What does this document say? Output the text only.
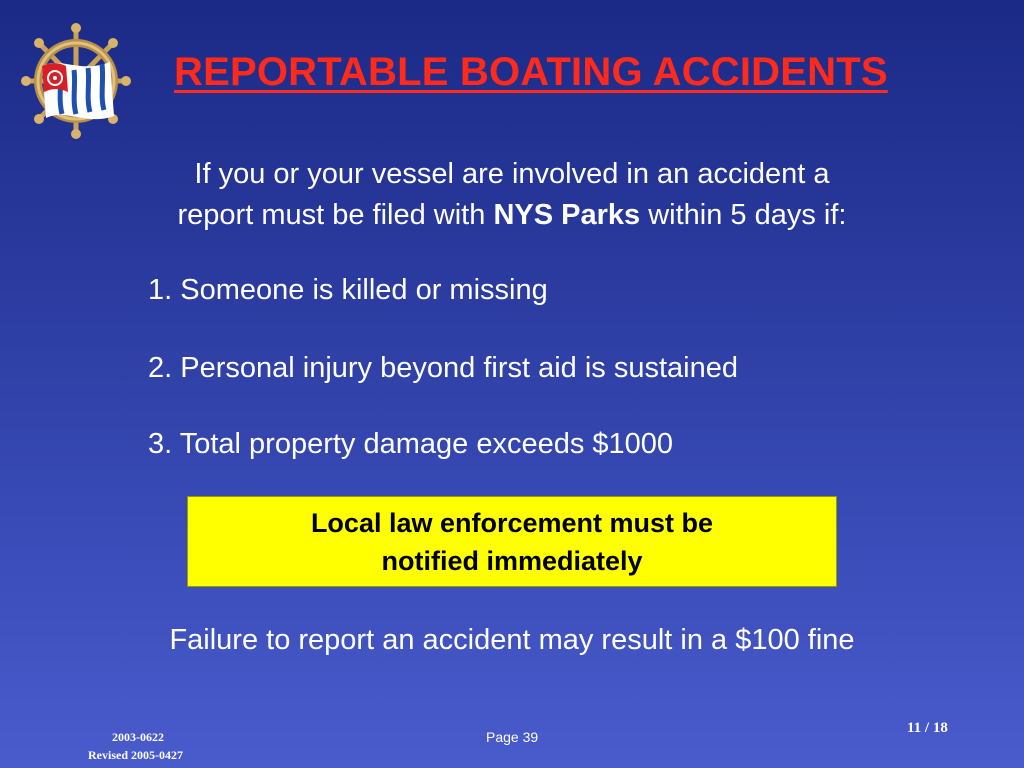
REPORTABLE BOATING ACCIDENTS
If you or your vessel are involved in an accident a
report must be filed with NYS Parks within 5 days if:
1. Someone is killed or missing
2. Personal injury beyond first aid is sustained
3. Total property damage exceeds $1000
Local law enforcement must be
notified immediately
Failure to report an accident may result in a $100 fine
2003-0622
Revised 2005-0427
Page 39
11 / 18
